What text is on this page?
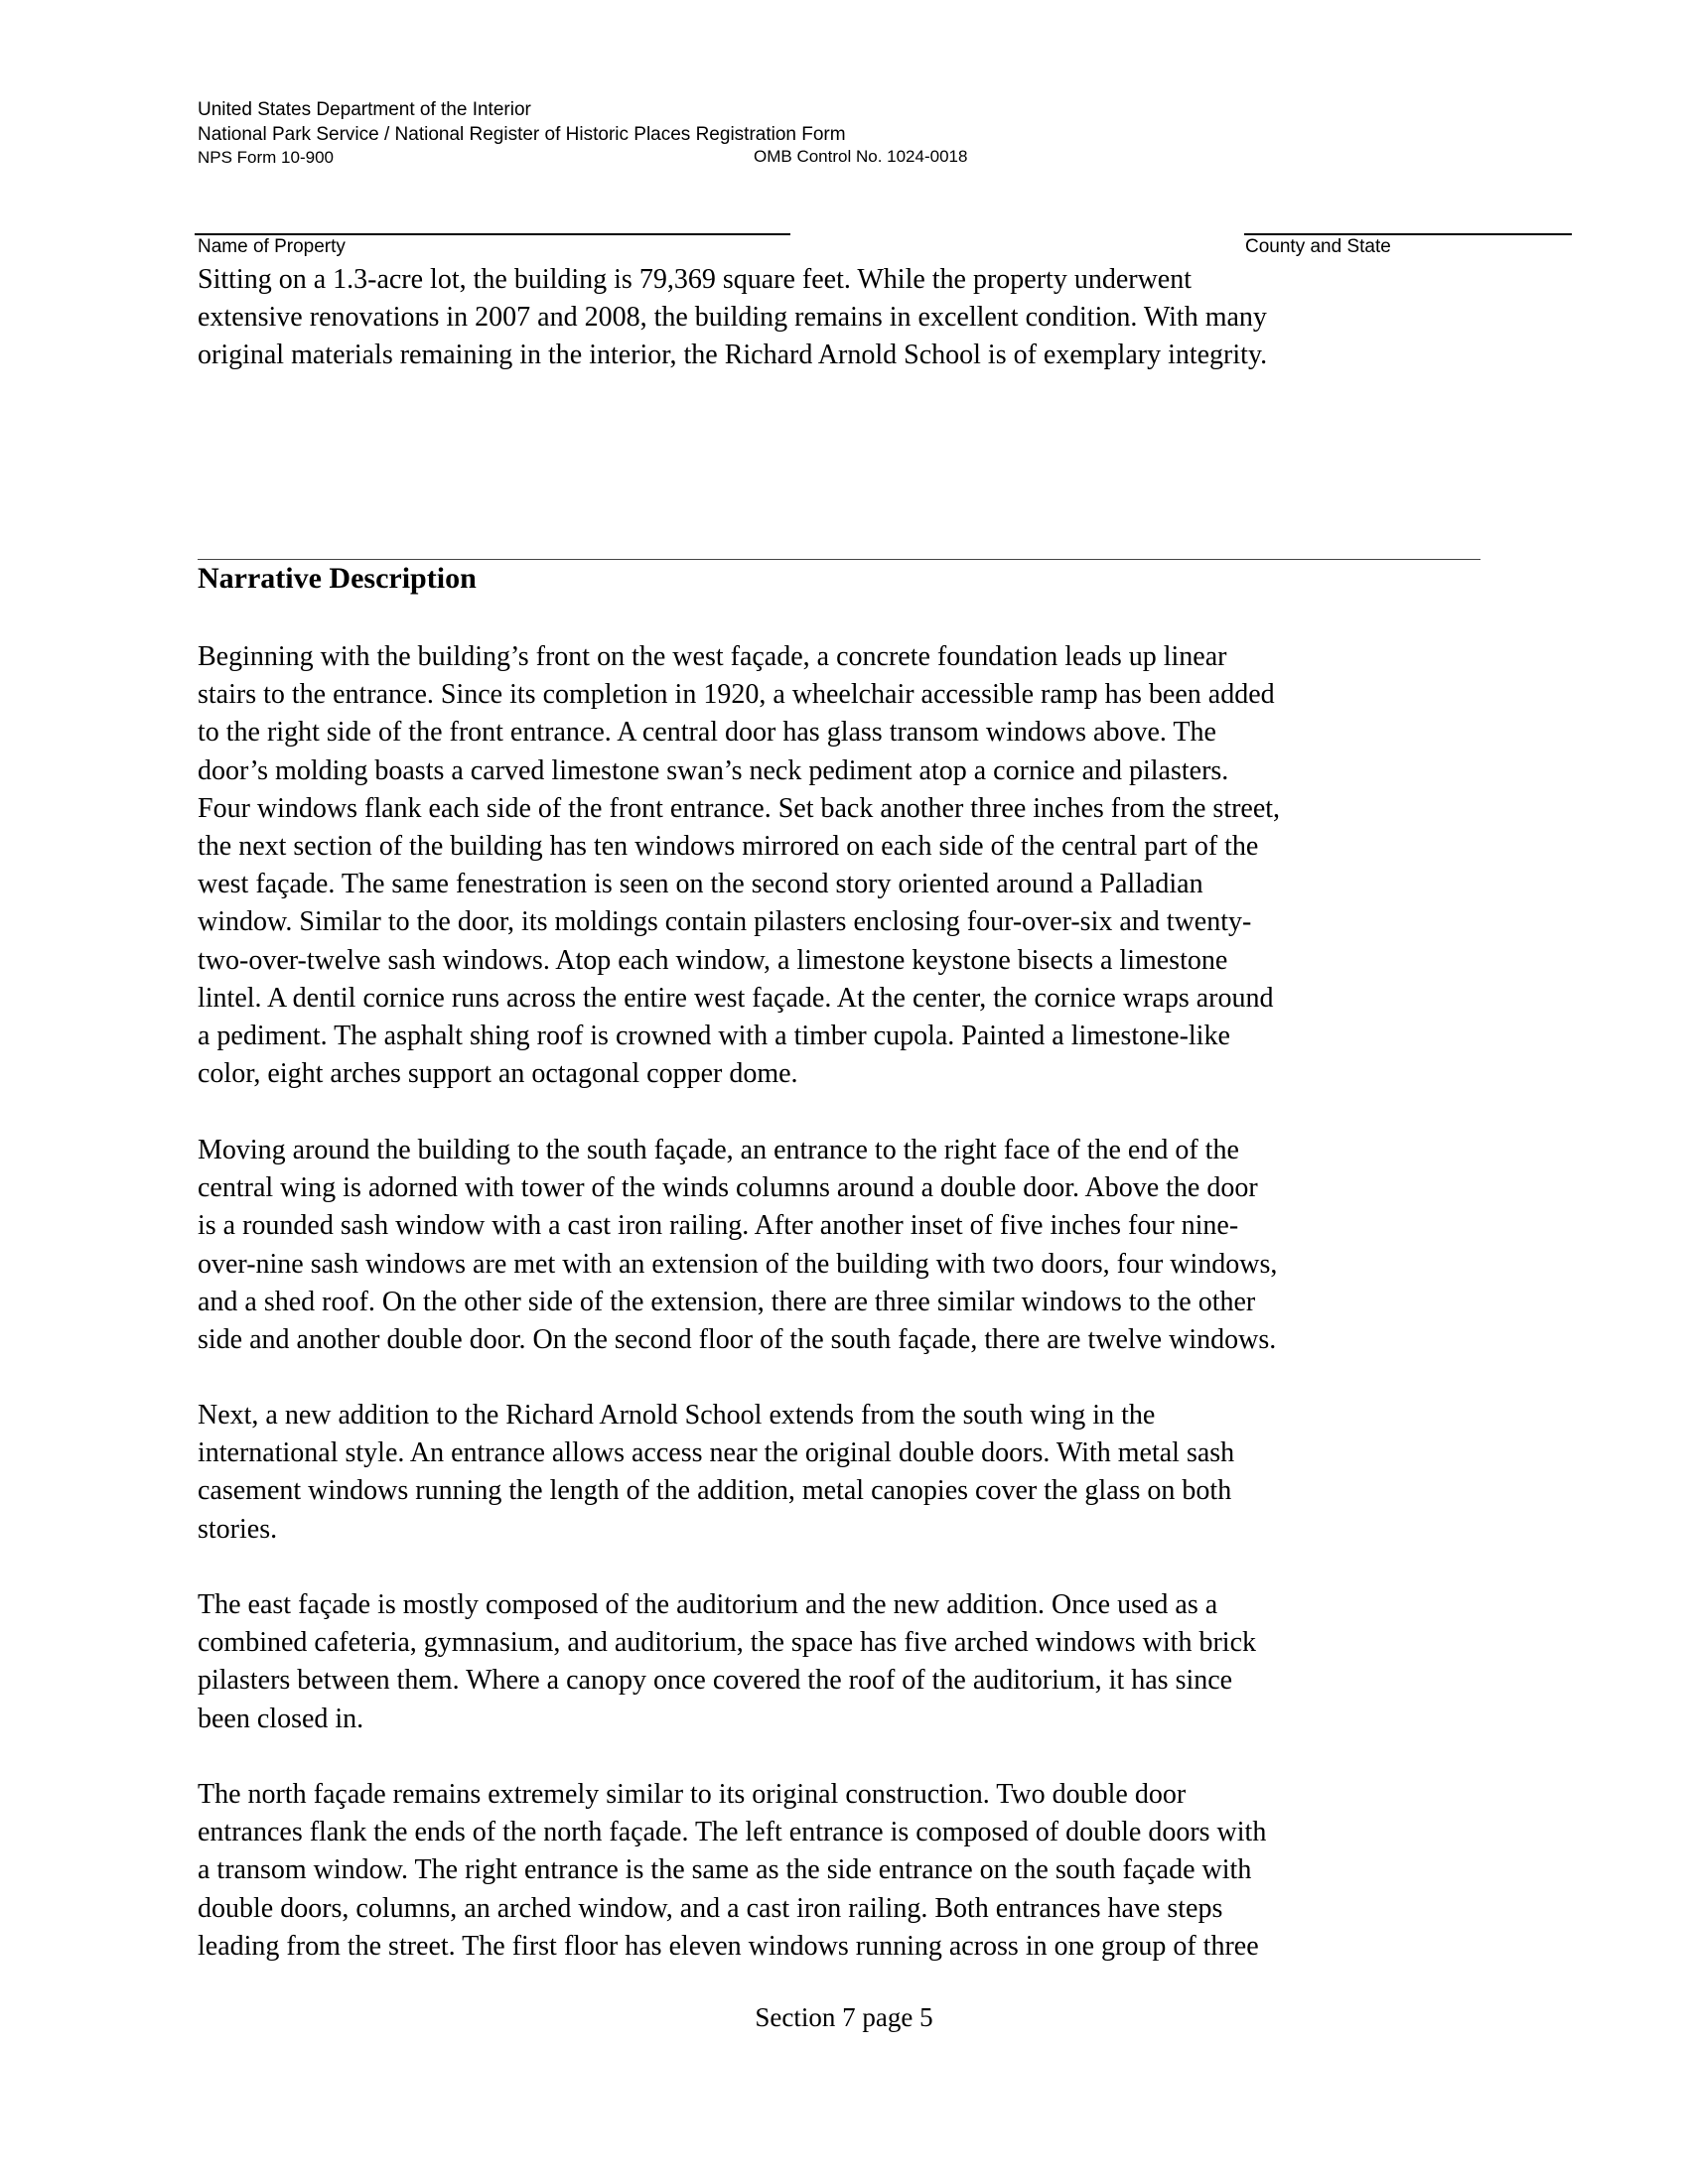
United States Department of the Interior
National Park Service / National Register of Historic Places Registration Form
NPS Form 10-900	OMB Control No. 1024-0018
Name of Property	County and State

Sitting on a 1.3-acre lot, the building is 79,369 square feet. While the property underwent
extensive renovations in 2007 and 2008, the building remains in excellent condition. With many
original materials remaining in the interior, the Richard Arnold School is of exemplary integrity.

Narrative Description

Beginning with the building’s front on the west façade, a concrete foundation leads up linear
stairs to the entrance. Since its completion in 1920, a wheelchair accessible ramp has been added
to the right side of the front entrance. A central door has glass transom windows above. The
door’s molding boasts a carved limestone swan’s neck pediment atop a cornice and pilasters.
Four windows flank each side of the front entrance. Set back another three inches from the street,
the next section of the building has ten windows mirrored on each side of the central part of the
west façade. The same fenestration is seen on the second story oriented around a Palladian
window. Similar to the door, its moldings contain pilasters enclosing four-over-six and twenty-
two-over-twelve sash windows. Atop each window, a limestone keystone bisects a limestone
lintel. A dentil cornice runs across the entire west façade. At the center, the cornice wraps around
a pediment. The asphalt shing roof is crowned with a timber cupola. Painted a limestone-like
color, eight arches support an octagonal copper dome.

Moving around the building to the south façade, an entrance to the right face of the end of the
central wing is adorned with tower of the winds columns around a double door. Above the door
is a rounded sash window with a cast iron railing. After another inset of five inches four nine-
over-nine sash windows are met with an extension of the building with two doors, four windows,
and a shed roof. On the other side of the extension, there are three similar windows to the other
side and another double door. On the second floor of the south façade, there are twelve windows.

Next, a new addition to the Richard Arnold School extends from the south wing in the
international style. An entrance allows access near the original double doors. With metal sash
casement windows running the length of the addition, metal canopies cover the glass on both
stories.

The east façade is mostly composed of the auditorium and the new addition. Once used as a
combined cafeteria, gymnasium, and auditorium, the space has five arched windows with brick
pilasters between them. Where a canopy once covered the roof of the auditorium, it has since
been closed in.

The north façade remains extremely similar to its original construction. Two double door
entrances flank the ends of the north façade. The left entrance is composed of double doors with
a transom window. The right entrance is the same as the side entrance on the south façade with
double doors, columns, an arched window, and a cast iron railing. Both entrances have steps
leading from the street. The first floor has eleven windows running across in one group of three

Section 7 page 5
